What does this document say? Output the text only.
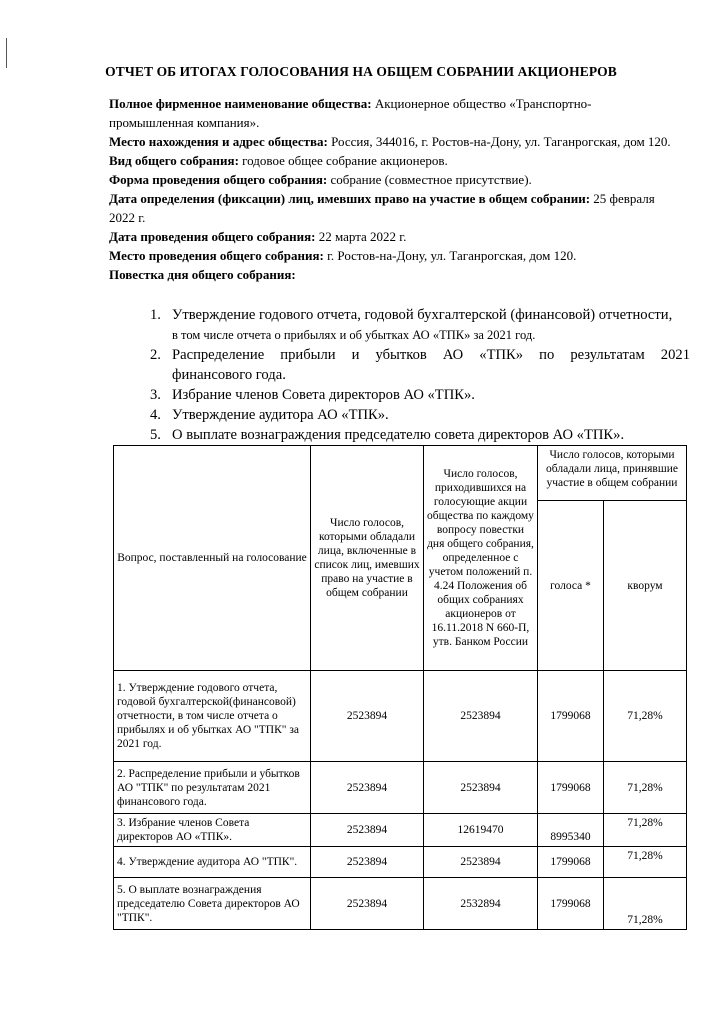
ОТЧЕТ ОБ ИТОГАХ ГОЛОСОВАНИЯ НА ОБЩЕМ СОБРАНИИ АКЦИОНЕРОВ

Полное фирменное наименование общества: Акционерное общество «Транспортно-промышленная компания».

Место нахождения и адрес общества: Россия, 344016, г. Ростов-на-Дону, ул. Таганрогская, дом 120.

Вид общего собрания: годовое общее собрание акционеров.

Форма проведения общего собрания: собрание (совместное присутствие).

Дата определения (фиксации) лиц, имевших право на участие в общем собрании: 25 февраля 2022 г.

Дата проведения общего собрания: 22 марта 2022 г.

Место проведения общего собрания: г. Ростов-на-Дону, ул. Таганрогская, дом 120.

Повестка дня общего собрания:

1. Утверждение годового отчета, годовой бухгалтерской (финансовой) отчетности,
в том числе отчета о прибылях и об убытках АО «ТПК» за 2021 год.
2. Распределение прибыли и убытков АО «ТПК» по результатам 2021
финансового года.
3. Избрание членов Совета директоров АО «ТПК».
4. Утверждение аудитора АО «ТПК».
5. О выплате вознаграждения председателю совета директоров АО «ТПК».
Вопрос, поставленный на голосование	Число голосов, которыми обладали лица, включенные в список лиц, имевших право на участие в общем собрании	Число голосов, приходившихся на голосующие акции общества по каждому вопросу повестки дня общего собрания, определенное с учетом положений п. 4.24 Положения об общих собраниях акционеров от 16.11.2018 N 660-П, утв. Банком России	Число голосов, которыми обладали лица, принявшие участие в общем собрании	
			голоса *	кворум
1. Утверждение годового отчета, годовой бухгалтерской(финансовой) отчетности, в том числе отчета о прибылях и об убытках АО "ТПК" за 2021 год.	2523894	2523894	1799068	71,28%
2. Распределение прибыли и убытков АО "ТПК" по результатам 2021 финансового года.	2523894	2523894	1799068	71,28%
3. Избрание членов Совета директоров АО «ТПК».	2523894	12619470	8995340	71,28%
4. Утверждение аудитора АО "ТПК".	2523894	2523894	1799068	71,28%
5. О выплате вознаграждения председателю Совета директоров АО "ТПК".	2523894	2532894	1799068	71,28%
